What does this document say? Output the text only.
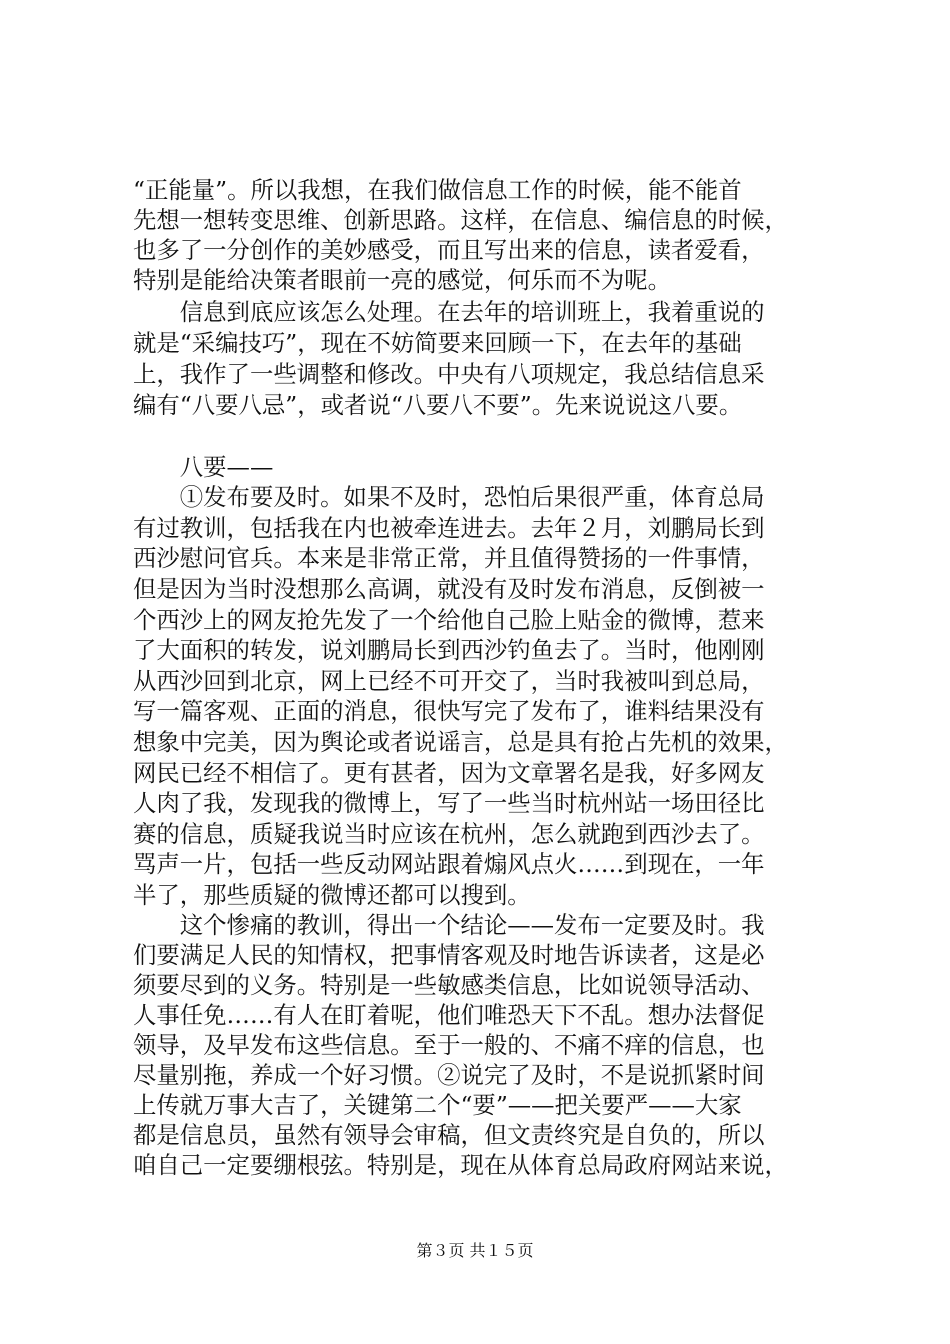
“正能量”。所以我想，在我们做信息工作的时候，能不能首
先想一想转变思维、创新思路。这样，在信息、编信息的时候，
也多了一分创作的美妙感受，而且写出来的信息，读者爱看，
特别是能给决策者眼前一亮的感觉，何乐而不为呢。
　　信息到底应该怎么处理。在去年的培训班上，我着重说的
就是“采编技巧”，现在不妨简要来回顾一下，在去年的基础
上，我作了一些调整和修改。中央有八项规定，我总结信息采
编有“八要八忌”，或者说“八要八不要”。先来说说这八要。
　　八要——
　　①发布要及时。如果不及时，恐怕后果很严重，体育总局
有过教训，包括我在内也被牵连进去。去年２月，刘鹏局长到
西沙慰问官兵。本来是非常正常，并且值得赞扬的一件事情，
但是因为当时没想那么高调，就没有及时发布消息，反倒被一
个西沙上的网友抢先发了一个给他自己脸上贴金的微博，惹来
了大面积的转发，说刘鹏局长到西沙钓鱼去了。当时，他刚刚
从西沙回到北京，网上已经不可开交了，当时我被叫到总局，
写一篇客观、正面的消息，很快写完了发布了，谁料结果没有
想象中完美，因为舆论或者说谣言，总是具有抢占先机的效果，
网民已经不相信了。更有甚者，因为文章署名是我，好多网友
人肉了我，发现我的微博上，写了一些当时杭州站一场田径比
赛的信息，质疑我说当时应该在杭州，怎么就跑到西沙去了。
骂声一片，包括一些反动网站跟着煽风点火……到现在，一年
半了，那些质疑的微博还都可以搜到。
　　这个惨痛的教训，得出一个结论——发布一定要及时。我
们要满足人民的知情权，把事情客观及时地告诉读者，这是必
须要尽到的义务。特别是一些敏感类信息，比如说领导活动、
人事任免……有人在盯着呢，他们唯恐天下不乱。想办法督促
领导，及早发布这些信息。至于一般的、不痛不痒的信息，也
尽量别拖，养成一个好习惯。②说完了及时，不是说抓紧时间
上传就万事大吉了，关键第二个“要”——把关要严——大家
都是信息员，虽然有领导会审稿，但文责终究是自负的，所以
咱自己一定要绷根弦。特别是，现在从体育总局政府网站来说，
第３页 共１５页
